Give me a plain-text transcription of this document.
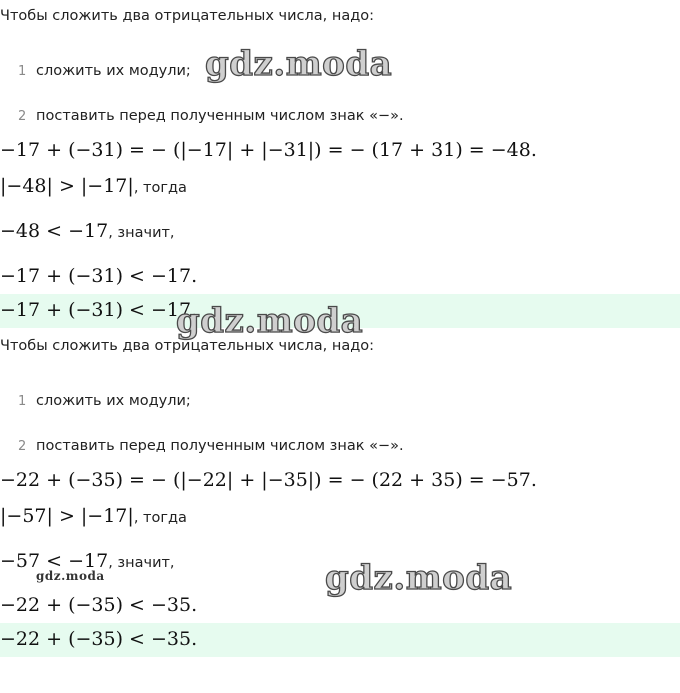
Чтобы сложить два отрицательных числа, надо:
1 сложить их модули;
2 поставить перед полученным числом знак «−».
−17 + (−31) = − (|−17| + |−31|) = − (17 + 31) = −48.
|−48| > |−17|, тогда
−48 < −17, значит,
−17 + (−31) < −17.
−17 + (−31) < −17.
Чтобы сложить два отрицательных числа, надо:
1 сложить их модули;
2 поставить перед полученным числом знак «−».
−22 + (−35) = − (|−22| + |−35|) = − (22 + 35) = −57.
|−57| > |−17|, тогда
−57 < −17, значит,
−22 + (−35) < −35.
−22 + (−35) < −35.
gdz.moda
gdz.moda
gdz.moda
gdz.moda
